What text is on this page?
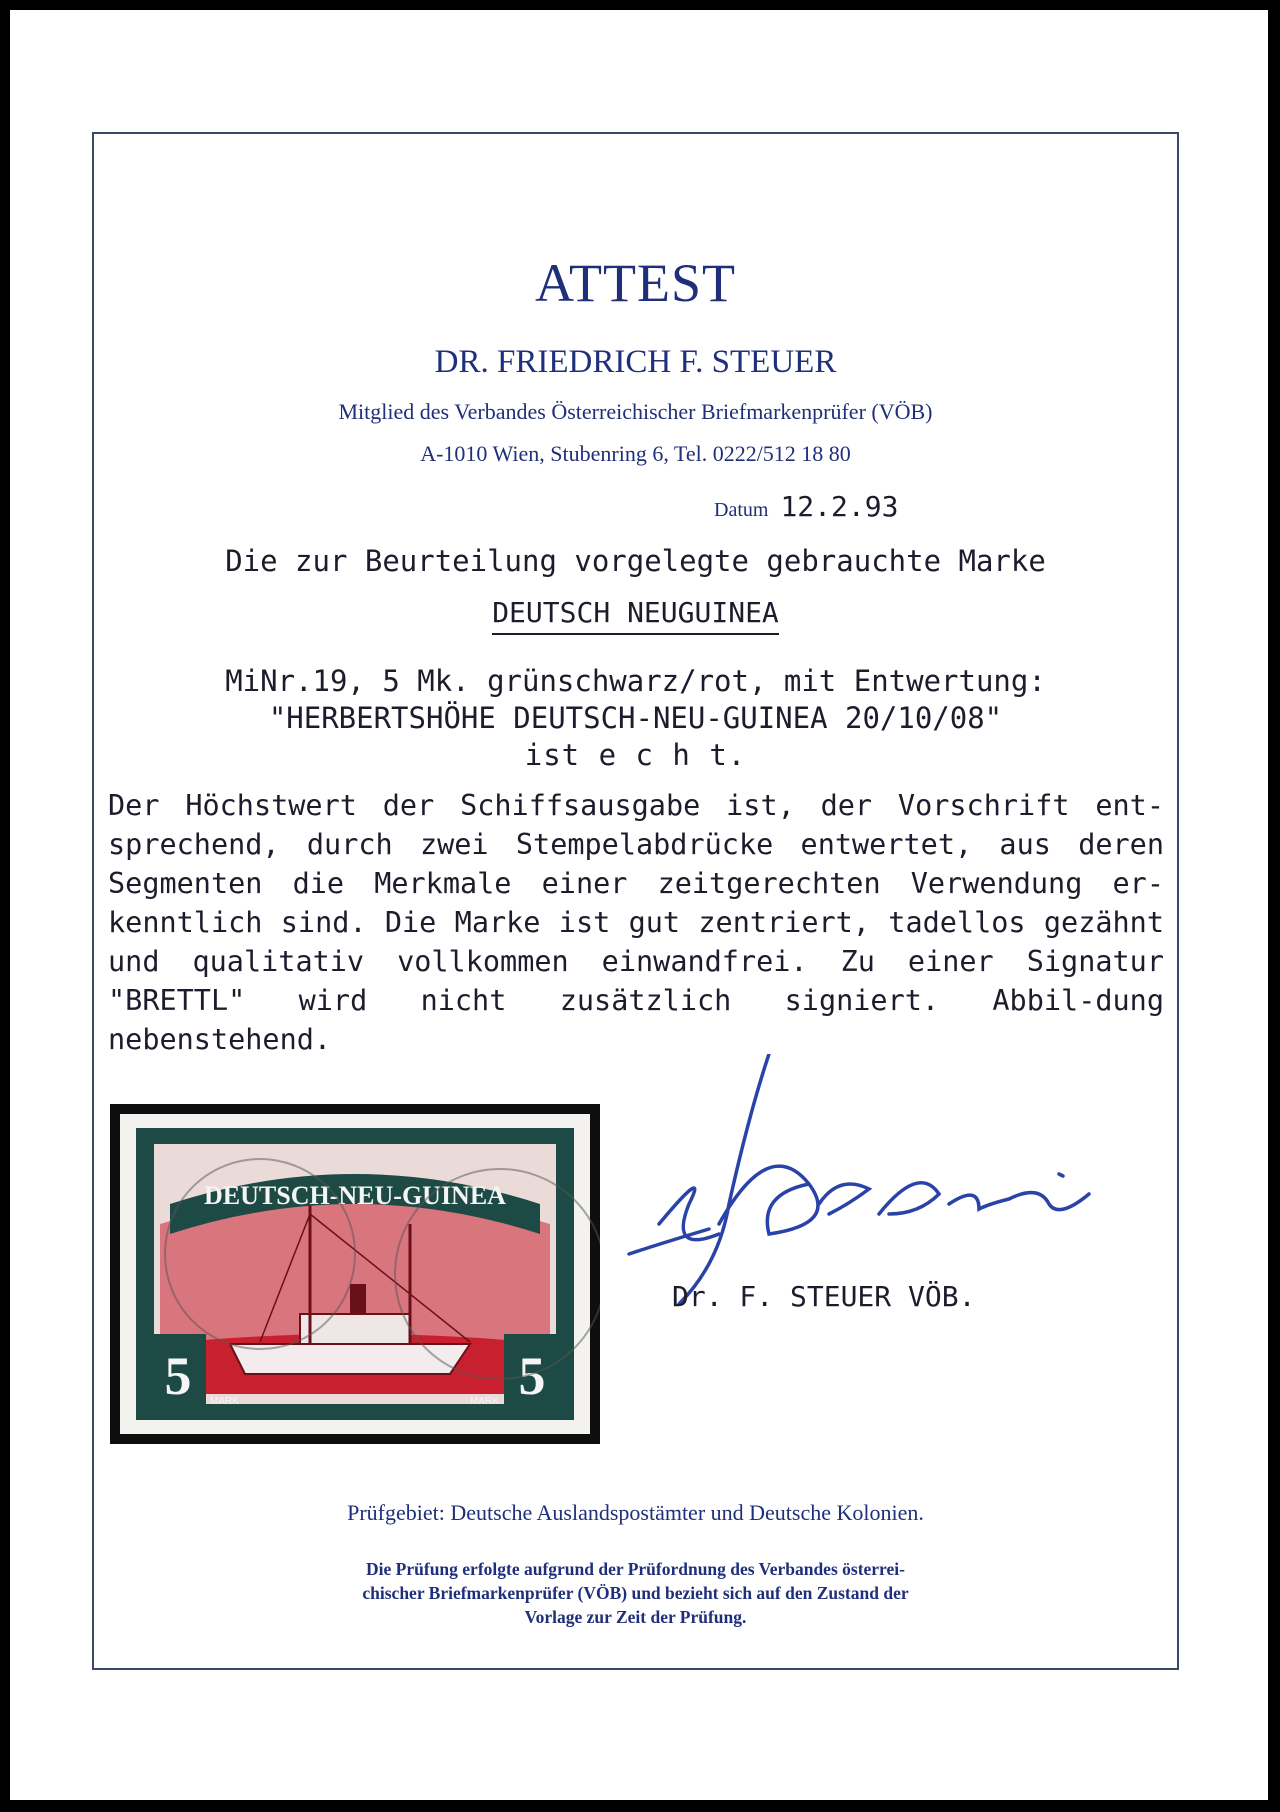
ATTEST
DR. FRIEDRICH F. STEUER
Mitglied des Verbandes Österreichischer Briefmarkenprüfer (VÖB)
A-1010 Wien, Stubenring 6, Tel. 0222/512 18 80
Datum 12.2.93
Die zur Beurteilung vorgelegte gebrauchte Marke
DEUTSCH NEUGUINEA
MiNr.19, 5 Mk. grünschwarz/rot, mit Entwertung:
"HERBERTSHÖHE DEUTSCH-NEU-GUINEA 20/10/08"
ist e c h t.
Der Höchstwert der Schiffsausgabe ist, der Vorschrift ent-sprechend, durch zwei Stempelabdrücke entwertet, aus deren Segmenten die Merkmale einer zeitgerechten Verwendung er-kenntlich sind. Die Marke ist gut zentriert, tadellos gezähnt und qualitativ vollkommen einwandfrei. Zu einer Signatur "BRETTL" wird nicht zusätzlich signiert. Abbil-dung nebenstehend.
DEUTSCH-NEU-GUINEA
5	5
MARK	MARK
Dr. F. STEUER VÖB.
Prüfgebiet: Deutsche Auslandspostämter und Deutsche Kolonien.
Die Prüfung erfolgte aufgrund der Prüfordnung des Verbandes österrei-
chischer Briefmarkenprüfer (VÖB) und bezieht sich auf den Zustand der
Vorlage zur Zeit der Prüfung.
